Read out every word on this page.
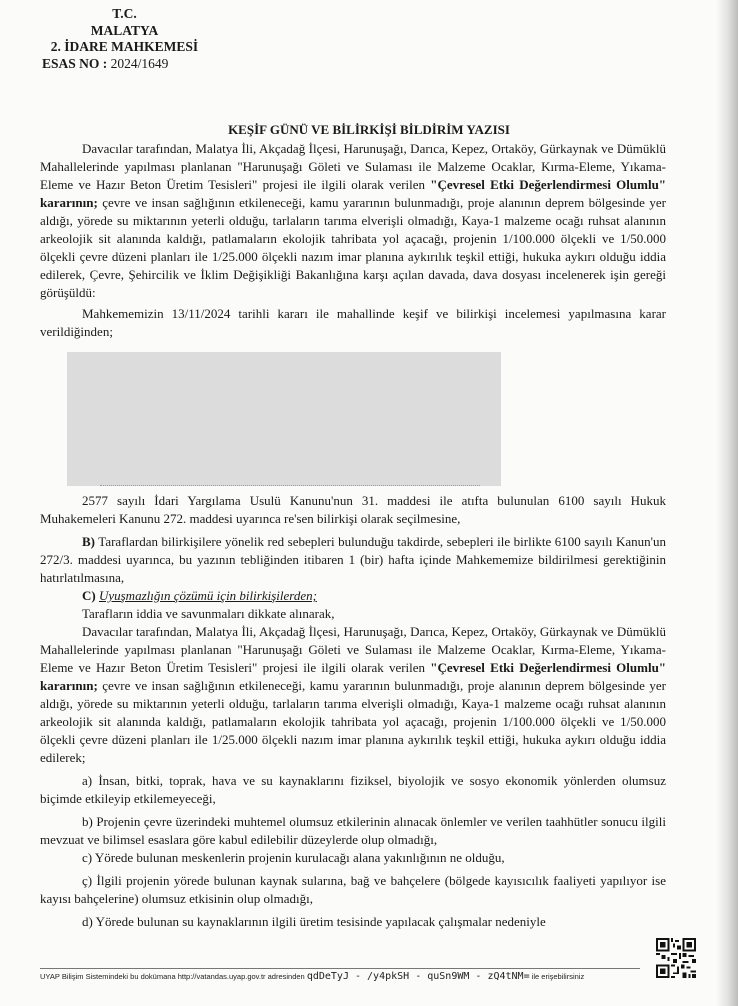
T.C.
MALATYA
2. İDARE MAHKEMESİ
ESAS NO : 2024/1649
KEŞİF GÜNÜ VE BİLİRKİŞİ BİLDİRİM YAZISI

Davacılar tarafından, Malatya İli, Akçadağ İlçesi, Harunuşağı, Darıca, Kepez, Ortaköy, Gürkaynak ve Dümüklü Mahallelerinde yapılması planlanan "Harunuşağı Göleti ve Sulaması ile Malzeme Ocaklar, Kırma-Eleme, Yıkama-Eleme ve Hazır Beton Üretim Tesisleri" projesi ile ilgili olarak verilen "Çevresel Etki Değerlendirmesi Olumlu" kararının; çevre ve insan sağlığının etkileneceği, kamu yararının bulunmadığı, proje alanının deprem bölgesinde yer aldığı, yörede su miktarının yeterli olduğu, tarlaların tarıma elverişli olmadığı, Kaya-1 malzeme ocağı ruhsat alanının arkeolojik sit alanında kaldığı, patlamaların ekolojik tahribata yol açacağı, projenin 1/100.000 ölçekli ve 1/50.000 ölçekli çevre düzeni planları ile 1/25.000 ölçekli nazım imar planına aykırılık teşkil ettiği, hukuka aykırı olduğu iddia edilerek, Çevre, Şehircilik ve İklim Değişikliği Bakanlığına karşı açılan davada, dava dosyası incelenerek işin gereği görüşüldü:

Mahkememizin 13/11/2024 tarihli kararı ile mahallinde keşif ve bilirkişi incelemesi yapılmasına karar verildiğinden;

2577 sayılı İdari Yargılama Usulü Kanunu'nun 31. maddesi ile atıfta bulunulan 6100 sayılı Hukuk Muhakemeleri Kanunu 272. maddesi uyarınca re'sen bilirkişi olarak seçilmesine,

B) Taraflardan bilirkişilere yönelik red sebepleri bulunduğu takdirde, sebepleri ile birlikte 6100 sayılı Kanun'un 272/3. maddesi uyarınca, bu yazının tebliğinden itibaren 1 (bir) hafta içinde Mahkememize bildirilmesi gerektiğinin hatırlatılmasına,

C) Uyuşmazlığın çözümü için bilirkişilerden;

Tarafların iddia ve savunmaları dikkate alınarak,

Davacılar tarafından, Malatya İli, Akçadağ İlçesi, Harunuşağı, Darıca, Kepez, Ortaköy, Gürkaynak ve Dümüklü Mahallelerinde yapılması planlanan "Harunuşağı Göleti ve Sulaması ile Malzeme Ocaklar, Kırma-Eleme, Yıkama-Eleme ve Hazır Beton Üretim Tesisleri" projesi ile ilgili olarak verilen "Çevresel Etki Değerlendirmesi Olumlu" kararının; çevre ve insan sağlığının etkileneceği, kamu yararının bulunmadığı, proje alanının deprem bölgesinde yer aldığı, yörede su miktarının yeterli olduğu, tarlaların tarıma elverişli olmadığı, Kaya-1 malzeme ocağı ruhsat alanının arkeolojik sit alanında kaldığı, patlamaların ekolojik tahribata yol açacağı, projenin 1/100.000 ölçekli ve 1/50.000 ölçekli çevre düzeni planları ile 1/25.000 ölçekli nazım imar planına aykırılık teşkil ettiği, hukuka aykırı olduğu iddia edilerek;

a) İnsan, bitki, toprak, hava ve su kaynaklarını fiziksel, biyolojik ve sosyo ekonomik yönlerden olumsuz biçimde etkileyip etkilemeyeceği,

b) Projenin çevre üzerindeki muhtemel olumsuz etkilerinin alınacak önlemler ve verilen taahhütler sonucu ilgili mevzuat ve bilimsel esaslara göre kabul edilebilir düzeylerde olup olmadığı,

c) Yörede bulunan meskenlerin projenin kurulacağı alana yakınlığının ne olduğu,

ç) İlgili projenin yörede bulunan kaynak sularına, bağ ve bahçelere (bölgede kayısıcılık faaliyeti yapılıyor ise kayısı bahçelerine) olumsuz etkisinin olup olmadığı,

d) Yörede bulunan su kaynaklarının ilgili üretim tesisinde yapılacak çalışmalar nedeniyle

UYAP Bilişim Sistemindeki bu dokümana http://vatandas.uyap.gov.tr adresinden qdDeTyJ - /y4pkSH - quSn9WM - zQ4tNM= ile erişebilirsiniz
